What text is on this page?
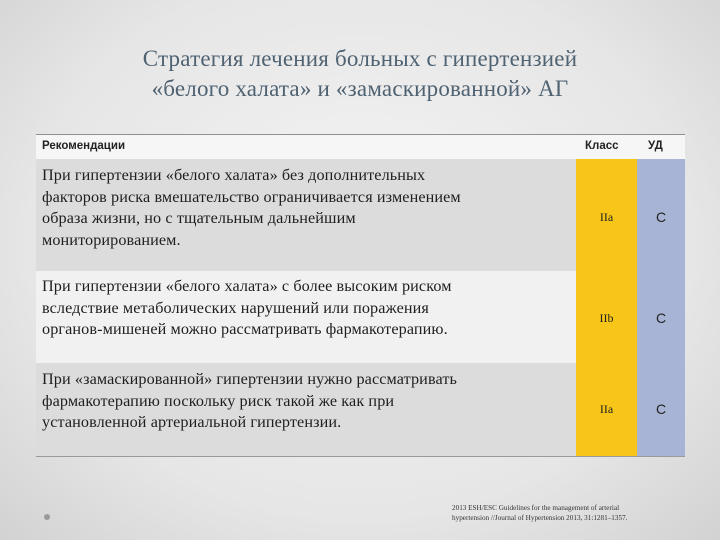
Стратегия лечения больных с гипертензией
«белого халата» и «замаскированной» АГ
Рекомендации	Класс	УД
При гипертензии «белого халата» без дополнительных
факторов риска вмешательство ограничивается изменением
образа жизни, но с тщательным дальнейшим
мониторированием.
При гипертензии «белого халата» с более высоким риском
вследствие метаболических нарушений или поражения
органов-мишеней можно рассматривать фармакотерапию.
При «замаскированной» гипертензии нужно рассматривать
фармакотерапию поскольку риск такой же как при
установленной артериальной гипертензии.
IIa
IIb
IIa
C
C
C
2013 ESH/ESC Guidelines for the management of arterial
hypertension //Journal of Hypertension 2013, 31:1281–1357.
